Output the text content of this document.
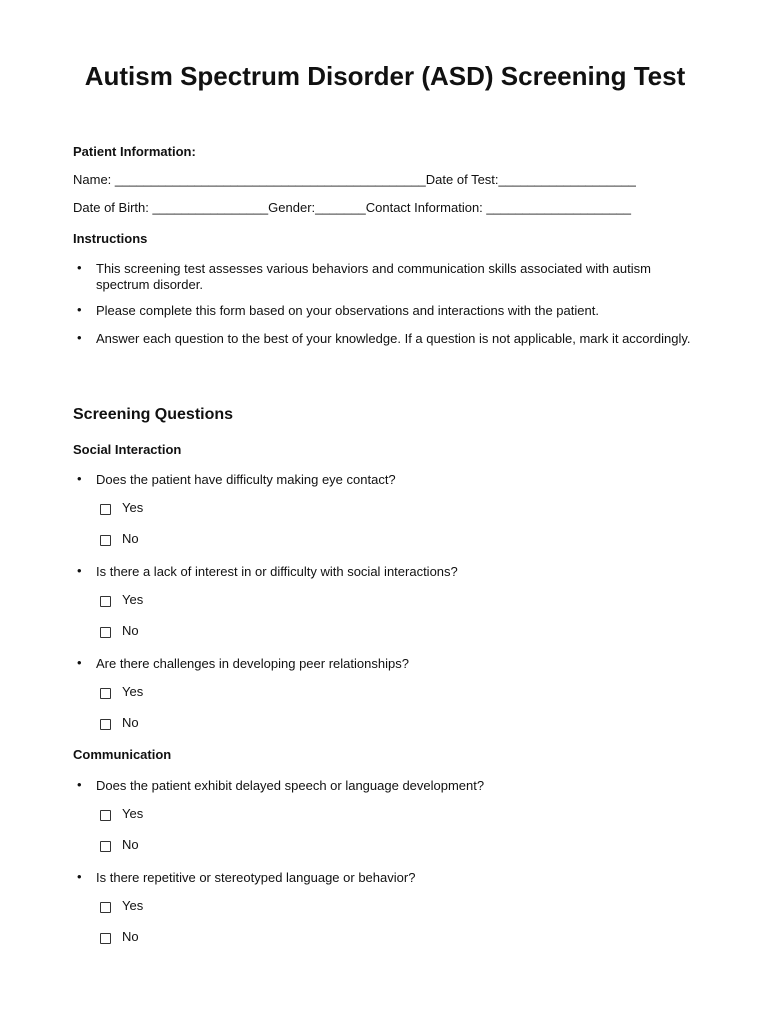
Autism Spectrum Disorder (ASD) Screening Test
Patient Information:
Name: ___________________________________________Date of Test:___________________
Date of Birth: ________________Gender:_______Contact Information: ____________________
Instructions
• This screening test assesses various behaviors and communication skills associated with autism spectrum disorder.
• Please complete this form based on your observations and interactions with the patient.
• Answer each question to the best of your knowledge. If a question is not applicable, mark it accordingly.
Screening Questions
Social Interaction
• Does the patient have difficulty making eye contact?
Yes
No
• Is there a lack of interest in or difficulty with social interactions?
Yes
No
• Are there challenges in developing peer relationships?
Yes
No
Communication
• Does the patient exhibit delayed speech or language development?
Yes
No
• Is there repetitive or stereotyped language or behavior?
Yes
No
